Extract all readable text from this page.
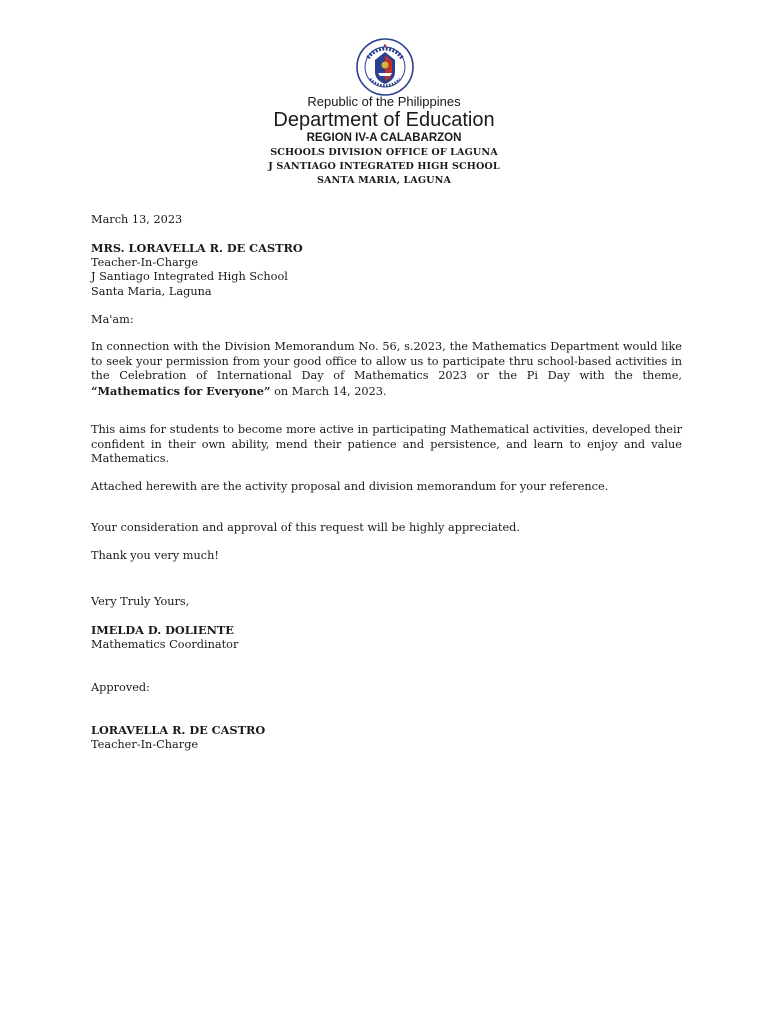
Republic of the Philippines
Department of Education
REGION IV-A CALABARZON
SCHOOLS DIVISION OFFICE OF LAGUNA
J SANTIAGO INTEGRATED HIGH SCHOOL
SANTA MARIA, LAGUNA
March 13, 2023
MRS. LORAVELLA R. DE CASTRO
Teacher-In-Charge
J Santiago Integrated High School
Santa Maria, Laguna
Ma'am:
In connection with the Division Memorandum No. 56, s.2023, the Mathematics Department would like to seek your permission from your good office to allow us to participate thru school-based activities in the Celebration of International Day of Mathematics 2023 or the Pi Day with the theme, “Mathematics for Everyone” on March 14, 2023.
This aims for students to become more active in participating Mathematical activities, developed their confident in their own ability, mend their patience and persistence, and learn to enjoy and value Mathematics.
Attached herewith are the activity proposal and division memorandum for your reference.
Your consideration and approval of this request will be highly appreciated.
Thank you very much!
Very Truly Yours,
IMELDA D. DOLIENTE
Mathematics Coordinator
Approved:
LORAVELLA R. DE CASTRO
Teacher-In-Charge
